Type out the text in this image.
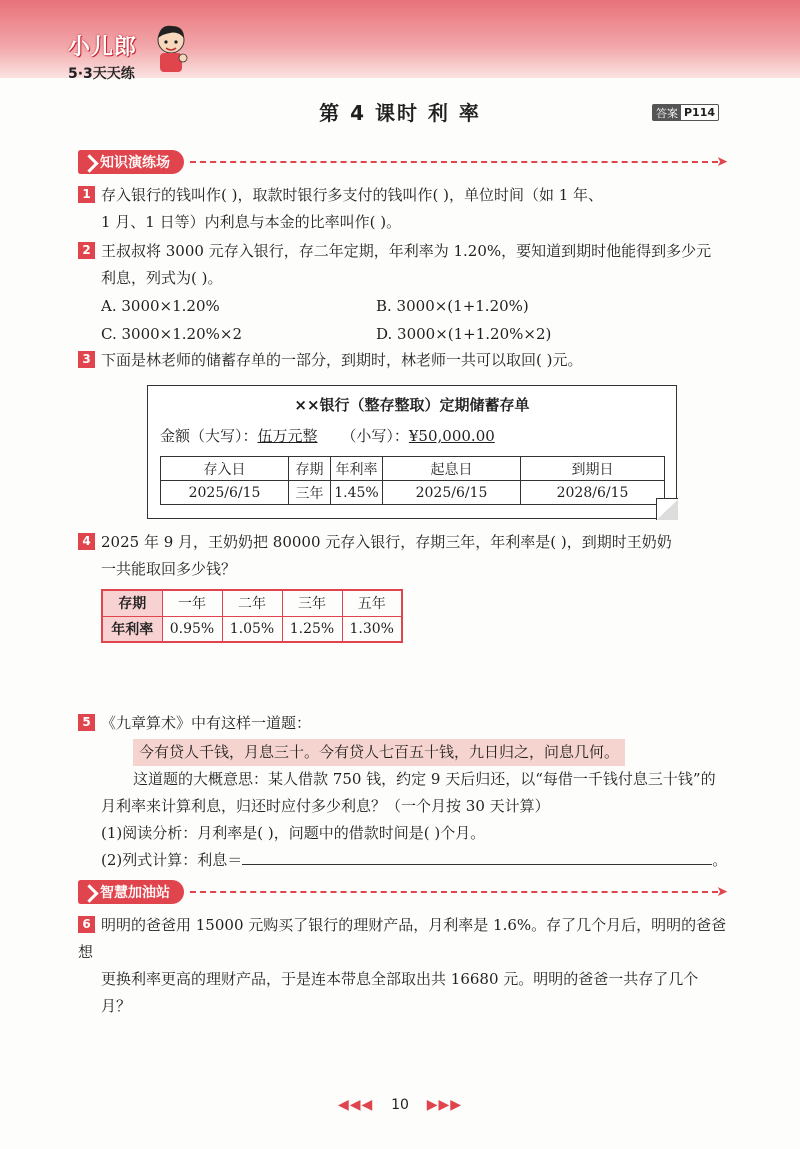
小儿郎
5·3天天练
第 4 课时 利 率	答案 P114
知识演练场	➤
1 存入银行的钱叫作( )，取款时银行多支付的钱叫作( )，单位时间（如 1 年、
1 月、1 日等）内利息与本金的比率叫作( )。
2 王叔叔将 3000 元存入银行，存二年定期，年利率为 1.20%，要知道到期时他能得到多少元
利息，列式为( )。
A. 3000×1.20%	B. 3000×(1+1.20%)
C. 3000×1.20%×2	D. 3000×(1+1.20%×2)
3 下面是林老师的储蓄存单的一部分，到期时，林老师一共可以取回( )元。
××银行（整存整取）定期储蓄存单
金额（大写）：伍万元整 （小写）：¥50,000.00
存入日	存期	年利率	起息日	到期日
2025/6/15	三年	1.45%	2025/6/15	2028/6/15
4 2025 年 9 月，王奶奶把 80000 元存入银行，存期三年，年利率是( )，到期时王奶奶
一共能取回多少钱？
存期	一年	二年	三年	五年
年利率	0.95%	1.05%	1.25%	1.30%
5 《九章算术》中有这样一道题：
今有贷人千钱，月息三十。今有贷人七百五十钱，九日归之，问息几何。
这道题的大概意思：某人借款 750 钱，约定 9 天后归还，以“每借一千钱付息三十钱”的
月利率来计算利息，归还时应付多少利息？（一个月按 30 天计算）
(1)阅读分析：月利率是( )，问题中的借款时间是( )个月。
(2)列式计算：利息＝	。
智慧加油站	➤
6 明明的爸爸用 15000 元购买了银行的理财产品，月利率是 1.6%。存了几个月后，明明的爸爸想
更换利率更高的理财产品，于是连本带息全部取出共 16680 元。明明的爸爸一共存了几个月？
◀◀◀ 10 ▶▶▶
